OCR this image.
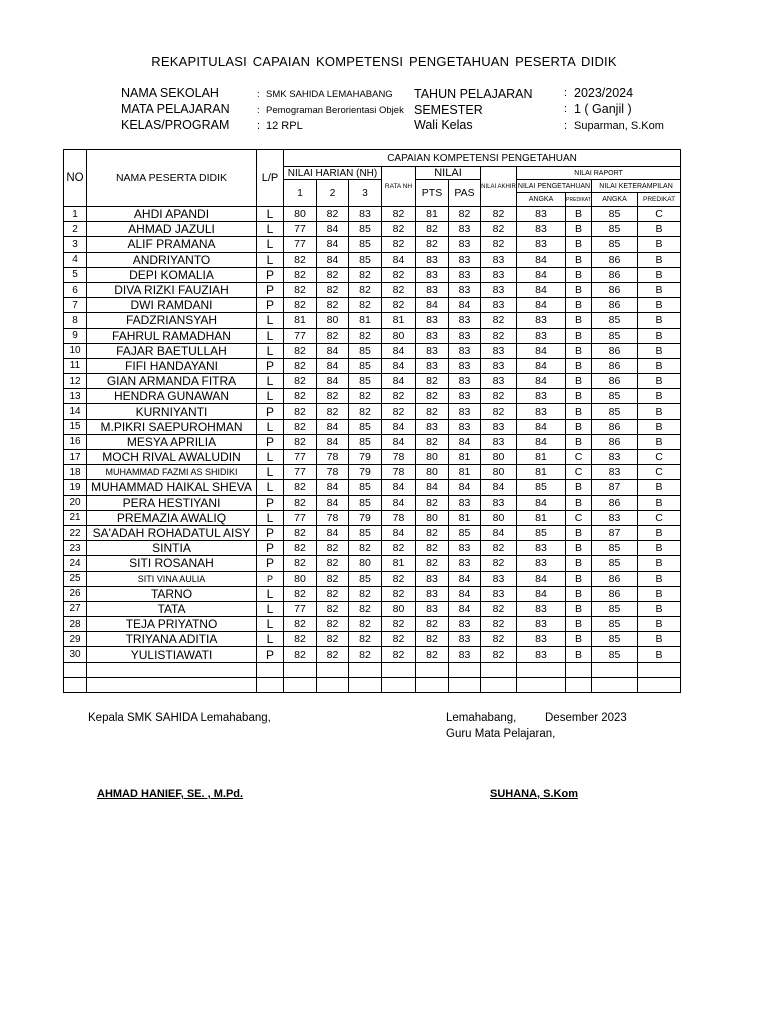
REKAPITULASI CAPAIAN KOMPETENSI PENGETAHUAN PESERTA DIDIK
NAMA SEKOLAH	: SMK SAHIDA LEMAHABANG
MATA PELAJARAN	: Pemograman Berorientasi Objek
KELAS/PROGRAM	: 12 RPL
TAHUN PELAJARAN	: 2023/2024
SEMESTER	: 1 ( Ganjil )
Wali Kelas	: Suparman, S.Kom
NO	NAMA PESERTA DIDIK	L/P	CAPAIAN KOMPETENSI PENGETAHUAN										
			NILAI HARIAN (NH)			RATA NH	NILAI		NILAI AKHIR	NILAI RAPORT			
			1	2	3		PTS	PAS		NILAI PENGETAHUAN		NILAI KETERAMPILAN	
										ANGKA	PREDIKAT	ANGKA	PREDIKAT
1	AHDI APANDI	L	80	82	83	82	81	82	82	83	B	85	C
2	AHMAD JAZULI	L	77	84	85	82	82	83	82	83	B	85	B
3	ALIF PRAMANA	L	77	84	85	82	82	83	82	83	B	85	B
4	ANDRIYANTO	L	82	84	85	84	83	83	83	84	B	86	B
5	DEPI KOMALIA	P	82	82	82	82	83	83	83	84	B	86	B
6	DIVA RIZKI FAUZIAH	P	82	82	82	82	83	83	83	84	B	86	B
7	DWI RAMDANI	P	82	82	82	82	84	84	83	84	B	86	B
8	FADZRIANSYAH	L	81	80	81	81	83	83	82	83	B	85	B
9	FAHRUL RAMADHAN	L	77	82	82	80	83	83	82	83	B	85	B
10	FAJAR BAETULLAH	L	82	84	85	84	83	83	83	84	B	86	B
11	FIFI HANDAYANI	P	82	84	85	84	83	83	83	84	B	86	B
12	GIAN ARMANDA FITRA	L	82	84	85	84	82	83	83	84	B	86	B
13	HENDRA GUNAWAN	L	82	82	82	82	82	83	82	83	B	85	B
14	KURNIYANTI	P	82	82	82	82	82	83	82	83	B	85	B
15	M.PIKRI SAEPUROHMAN	L	82	84	85	84	83	83	83	84	B	86	B
16	MESYA APRILIA	P	82	84	85	84	82	84	83	84	B	86	B
17	MOCH RIVAL AWALUDIN	L	77	78	79	78	80	81	80	81	C	83	C
18	MUHAMMAD FAZMI AS SHIDIKI	L	77	78	79	78	80	81	80	81	C	83	C
19	MUHAMMAD HAIKAL SHEVA	L	82	84	85	84	84	84	84	85	B	87	B
20	PERA HESTIYANI	P	82	84	85	84	82	83	83	84	B	86	B
21	PREMAZIA AWALIQ	L	77	78	79	78	80	81	80	81	C	83	C
22	SA'ADAH ROHADATUL AISY	P	82	84	85	84	82	85	84	85	B	87	B
23	SINTIA	P	82	82	82	82	82	83	82	83	B	85	B
24	SITI ROSANAH	P	82	82	80	81	82	83	82	83	B	85	B
25	SITI VINA AULIA	P	80	82	85	82	83	84	83	84	B	86	B
26	TARNO	L	82	82	82	82	83	84	83	84	B	86	B
27	TATA	L	77	82	82	80	83	84	82	83	B	85	B
28	TEJA PRIYATNO	L	82	82	82	82	82	83	82	83	B	85	B
29	TRIYANA ADITIA	L	82	82	82	82	82	83	82	83	B	85	B
30	YULISTIAWATI	P	82	82	82	82	82	83	82	83	B	85	B

Kepala SMK SAHIDA Lemahabang,	Lemahabang, Desember 2023
Guru Mata Pelajaran,
AHMAD HANIEF, SE. , M.Pd.	SUHANA, S.Kom
